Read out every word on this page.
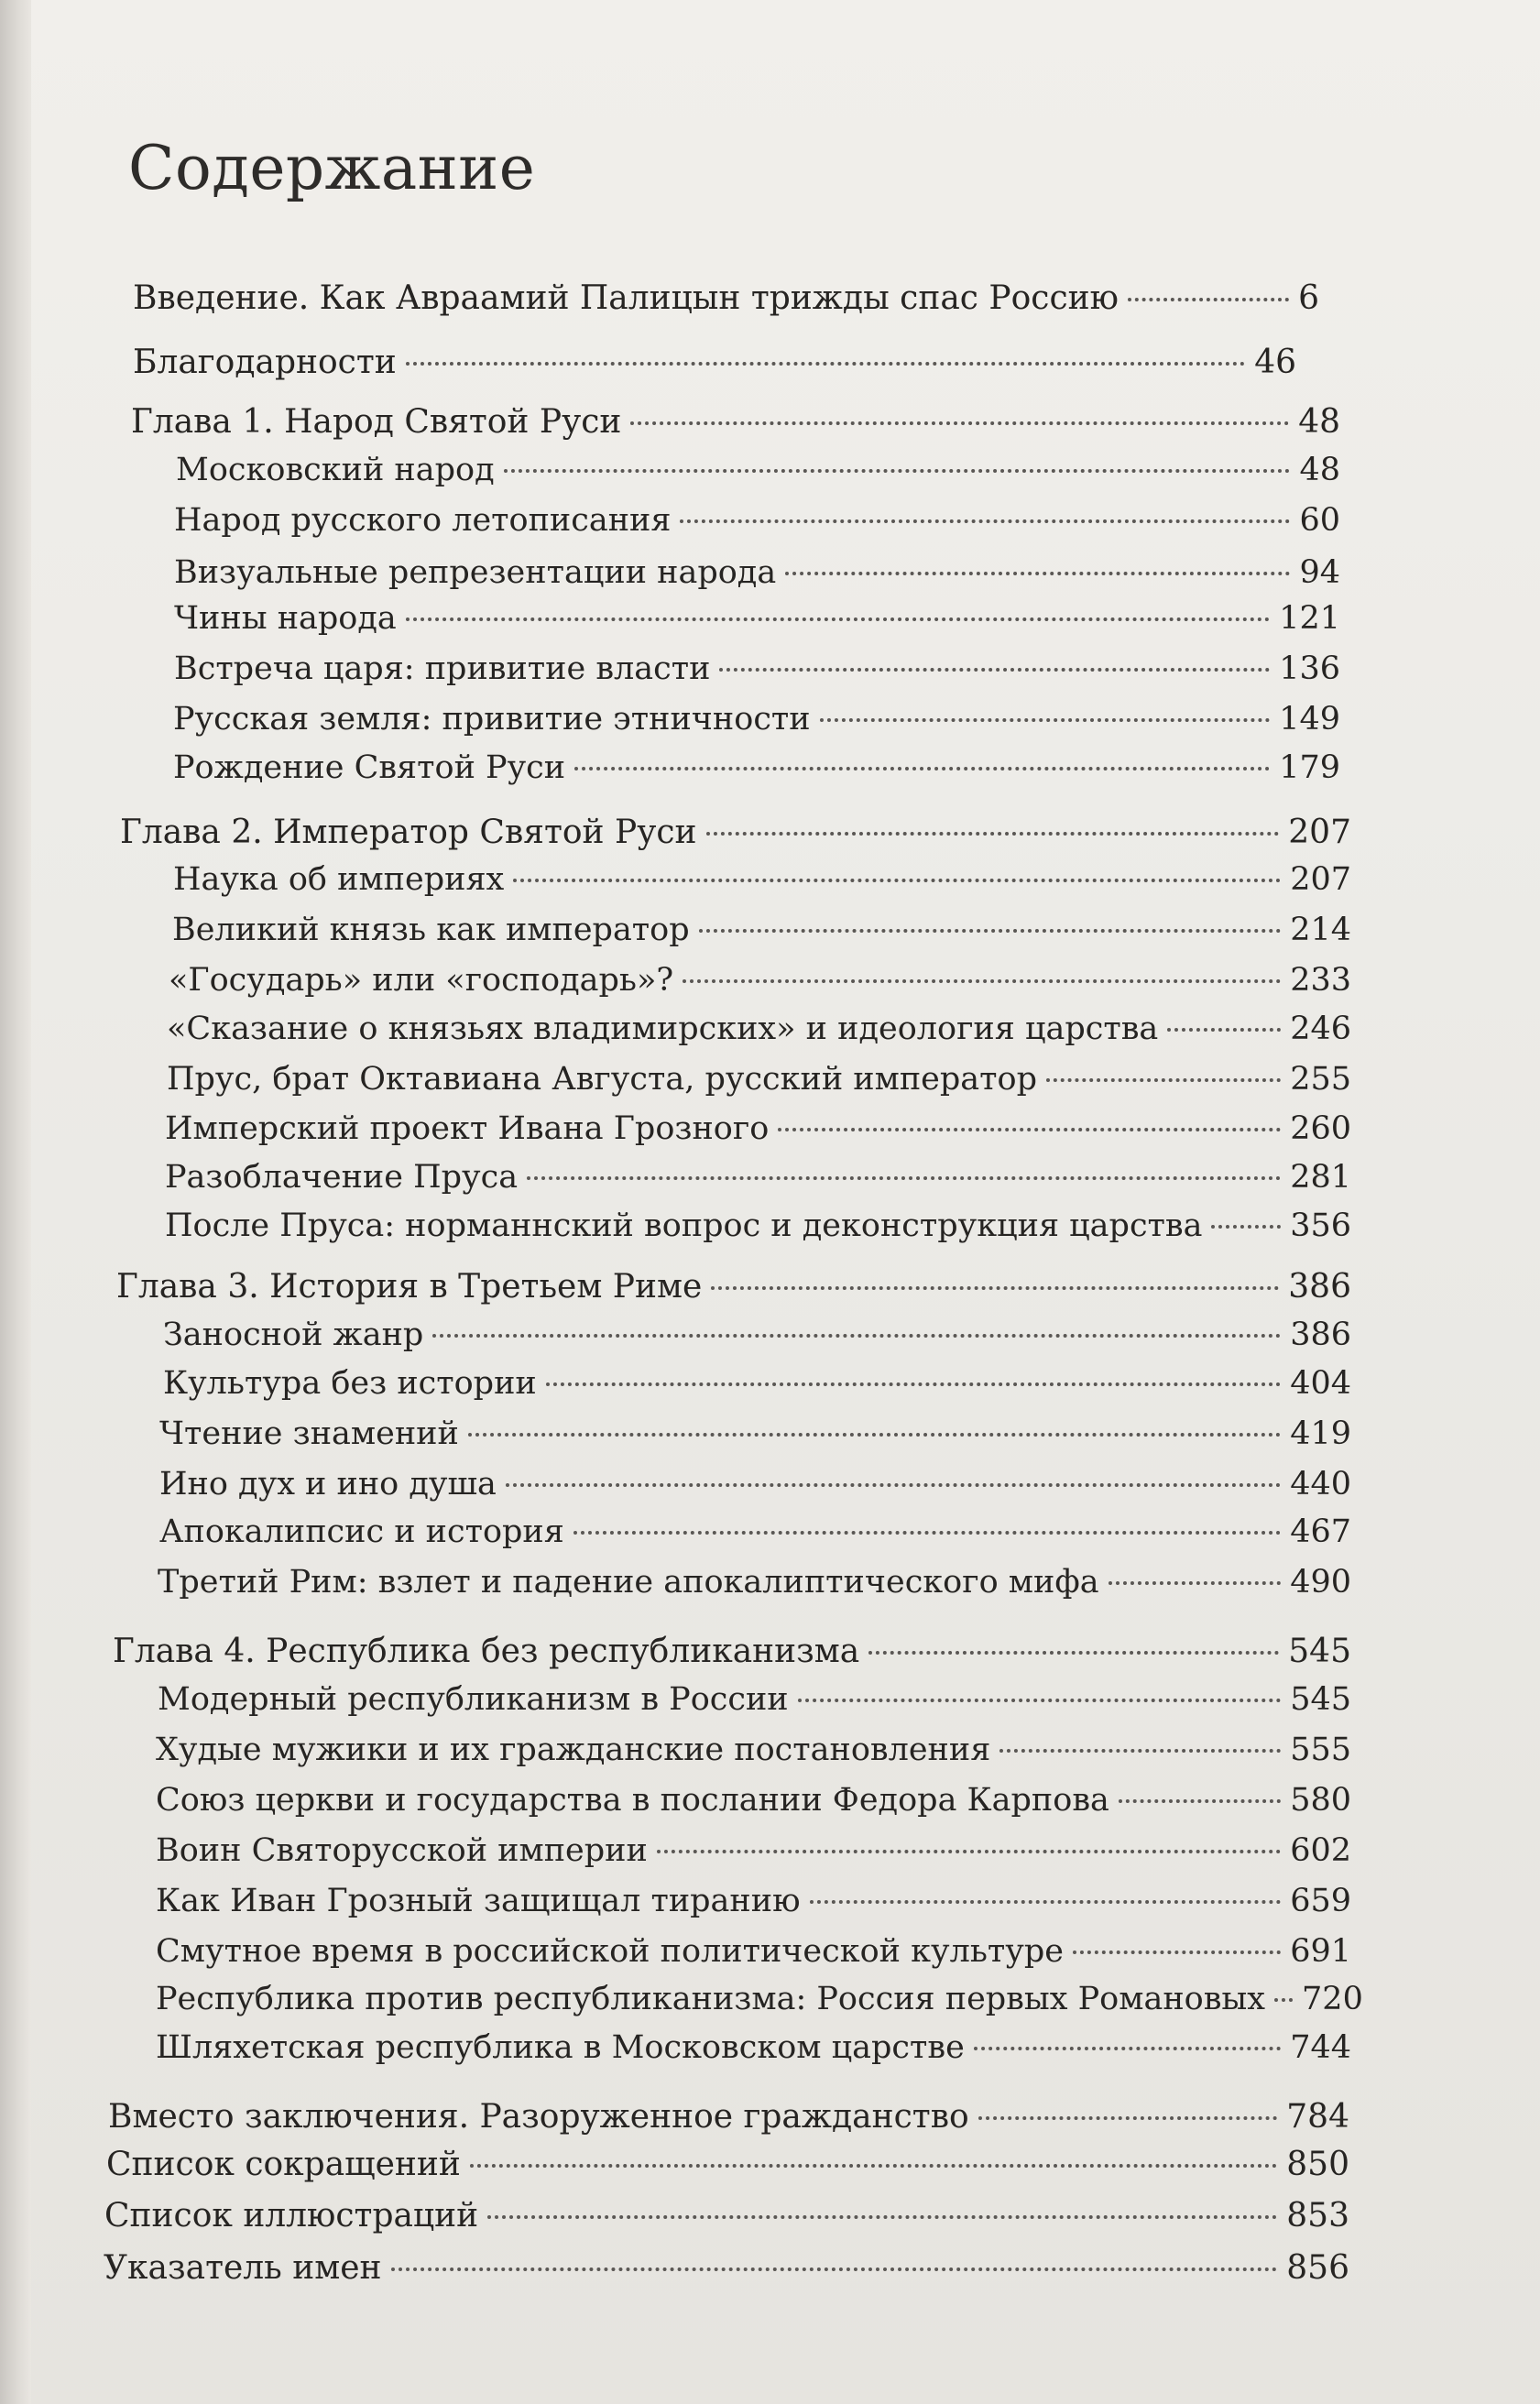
Содержание
Введение. Как Авраамий Палицын трижды спас Россию	6
Благодарности	46
Глава 1. Народ Святой Руси	48
Московский народ	48
Народ русского летописания	60
Визуальные репрезентации народа	94
Чины народа	121
Встреча царя: привитие власти	136
Русская земля: привитие этничности	149
Рождение Святой Руси	179
Глава 2. Император Святой Руси	207
Наука об империях	207
Великий князь как император	214
«Государь» или «господарь»?	233
«Сказание о князьях владимирских» и идеология царства	246
Прус, брат Октавиана Августа, русский император	255
Имперский проект Ивана Грозного	260
Разоблачение Пруса	281
После Пруса: норманнский вопрос и деконструкция царства	356
Глава 3. История в Третьем Риме	386
Заносной жанр	386
Культура без истории	404
Чтение знамений	419
Ино дух и ино душа	440
Апокалипсис и история	467
Третий Рим: взлет и падение апокалиптического мифа	490
Глава 4. Республика без республиканизма	545
Модерный республиканизм в России	545
Худые мужики и их гражданские постановления	555
Союз церкви и государства в послании Федора Карпова	580
Воин Святорусской империи	602
Как Иван Грозный защищал тиранию	659
Смутное время в российской политической культуре	691
Республика против республиканизма: Россия первых Романовых 720
Шляхетская республика в Московском царстве	744
Вместо заключения. Разоруженное гражданство	784
Список сокращений	850
Список иллюстраций	853
Указатель имен	856
